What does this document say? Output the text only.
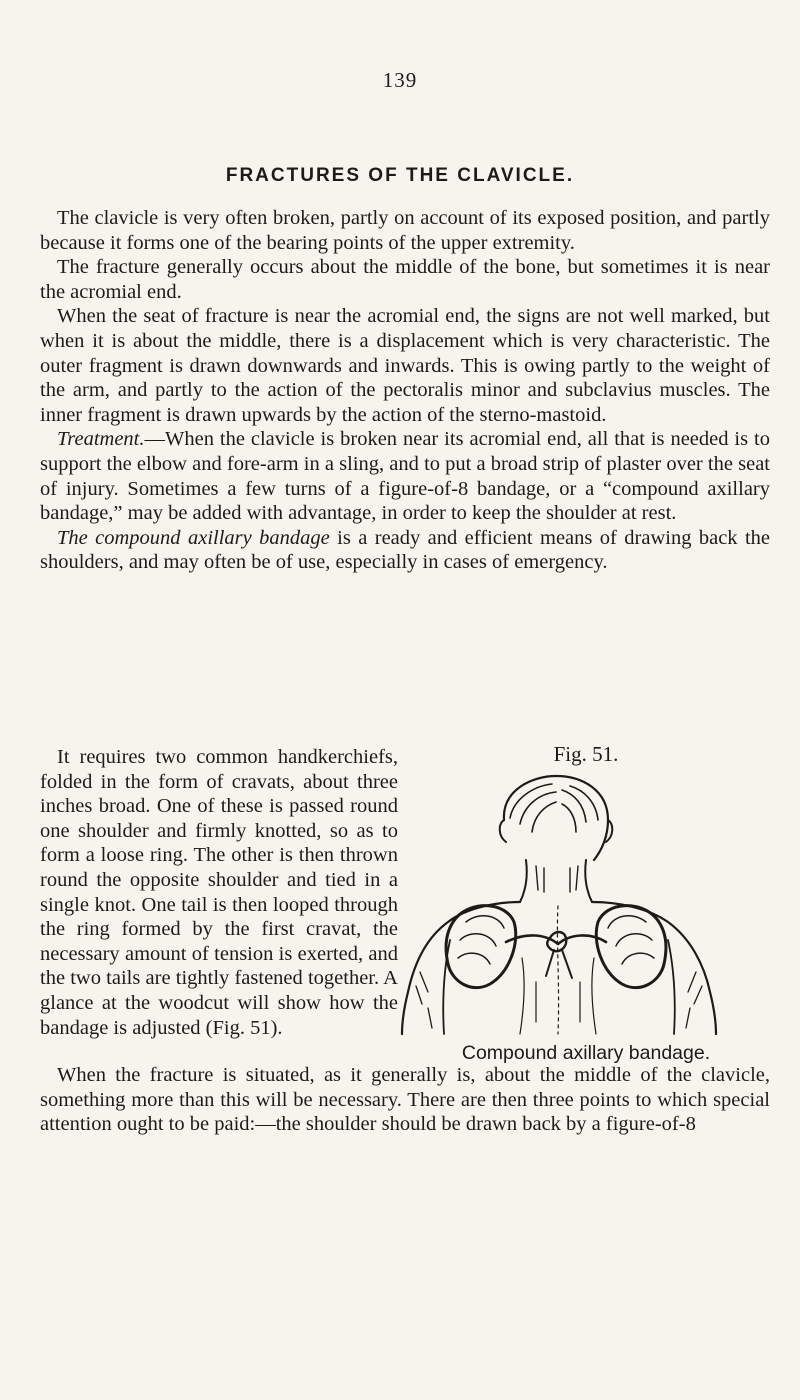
139
FRACTURES OF THE CLAVICLE.

The clavicle is very often broken, partly on account of its exposed position, and partly because it forms one of the bearing points of the upper extremity.

The fracture generally occurs about the middle of the bone, but sometimes it is near the acromial end.

When the seat of fracture is near the acromial end, the signs are not well marked, but when it is about the middle, there is a displacement which is very characteristic. The outer fragment is drawn downwards and inwards. This is owing partly to the weight of the arm, and partly to the action of the pectoralis minor and subclavius muscles. The inner fragment is drawn upwards by the action of the sterno-mastoid.

Treatment.—When the clavicle is broken near its acromial end, all that is needed is to support the elbow and fore-arm in a sling, and to put a broad strip of plaster over the seat of injury. Sometimes a few turns of a figure-of-8 bandage, or a “compound axillary bandage,” may be added with advantage, in order to keep the shoulder at rest.

The compound axillary bandage is a ready and efficient means of drawing back the shoulders, and may often be of use, especially in cases of emergency.

It requires two common handkerchiefs, folded in the form of cravats, about three inches broad. One of these is passed round one shoulder and firmly knotted, so as to form a loose ring. The other is then thrown round the opposite shoulder and tied in a single knot. One tail is then looped through the ring formed by the first cravat, the necessary amount of tension is exerted, and the two tails are tightly fastened together. A glance at the woodcut will show how the bandage is adjusted (Fig. 51).

Fig. 51.
Compound axillary bandage.

When the fracture is situated, as it generally is, about the middle of the clavicle, something more than this will be necessary. There are then three points to which special attention ought to be paid:—the shoulder should be drawn back by a figure-of-8
